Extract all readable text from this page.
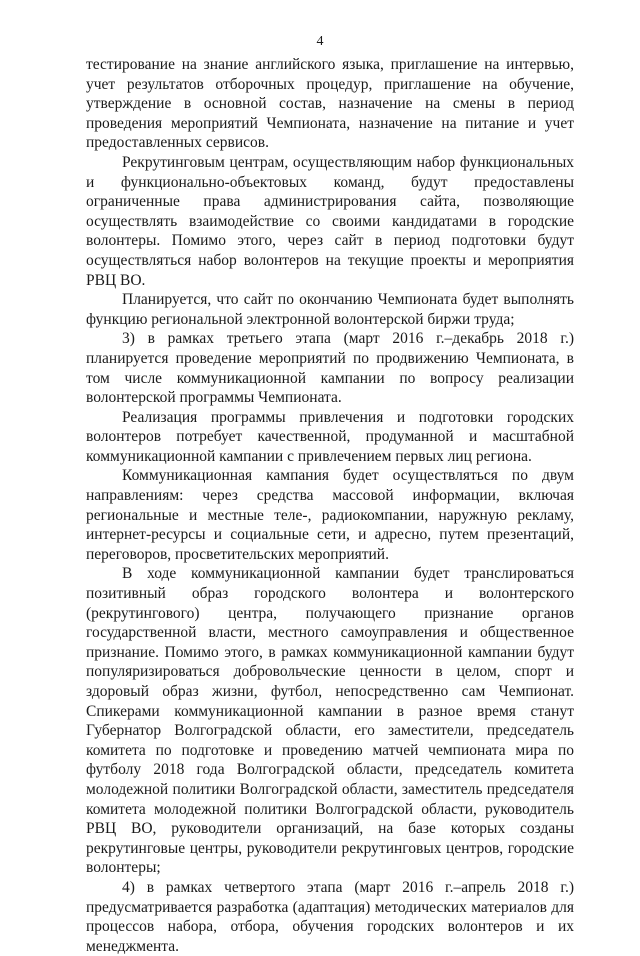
4

тестирование на знание английского языка, приглашение на интервью, учет результатов отборочных процедур, приглашение на обучение, утверждение в основной состав, назначение на смены в период проведения мероприятий Чемпионата, назначение на питание и учет предоставленных сервисов.

Рекрутинговым центрам, осуществляющим набор функциональных и функционально-объектовых команд, будут предоставлены ограниченные права администрирования сайта, позволяющие осуществлять взаимодействие со своими кандидатами в городские волонтеры. Помимо этого, через сайт в период подготовки будут осуществляться набор волонтеров на текущие проекты и мероприятия РВЦ ВО.

Планируется, что сайт по окончанию Чемпионата будет выполнять функцию региональной электронной волонтерской биржи труда;

3) в рамках третьего этапа (март 2016 г.–декабрь 2018 г.) планируется проведение мероприятий по продвижению Чемпионата, в том числе коммуникационной кампании по вопросу реализации волонтерской программы Чемпионата.

Реализация программы привлечения и подготовки городских волонтеров потребует качественной, продуманной и масштабной коммуникационной кампании с привлечением первых лиц региона.

Коммуникационная кампания будет осуществляться по двум направлениям: через средства массовой информации, включая региональные и местные теле-, радиокомпании, наружную рекламу, интернет-ресурсы и социальные сети, и адресно, путем презентаций, переговоров, просветительских мероприятий.

В ходе коммуникационной кампании будет транслироваться позитивный образ городского волонтера и волонтерского (рекрутингового) центра, получающего признание органов государственной власти, местного самоуправления и общественное признание. Помимо этого, в рамках коммуникационной кампании будут популяризироваться добровольческие ценности в целом, спорт и здоровый образ жизни, футбол, непосредственно сам Чемпионат. Спикерами коммуникационной кампании в разное время станут Губернатор Волгоградской области, его заместители, председатель комитета по подготовке и проведению матчей чемпионата мира по футболу 2018 года Волгоградской области, председатель комитета молодежной политики Волгоградской области, заместитель председателя комитета молодежной политики Волгоградской области, руководитель РВЦ ВО, руководители организаций, на базе которых созданы рекрутинговые центры, руководители рекрутинговых центров, городские волонтеры;

4) в рамках четвертого этапа (март 2016 г.–апрель 2018 г.) предусматривается разработка (адаптация) методических материалов для процессов набора, отбора, обучения городских волонтеров и их менеджмента.
